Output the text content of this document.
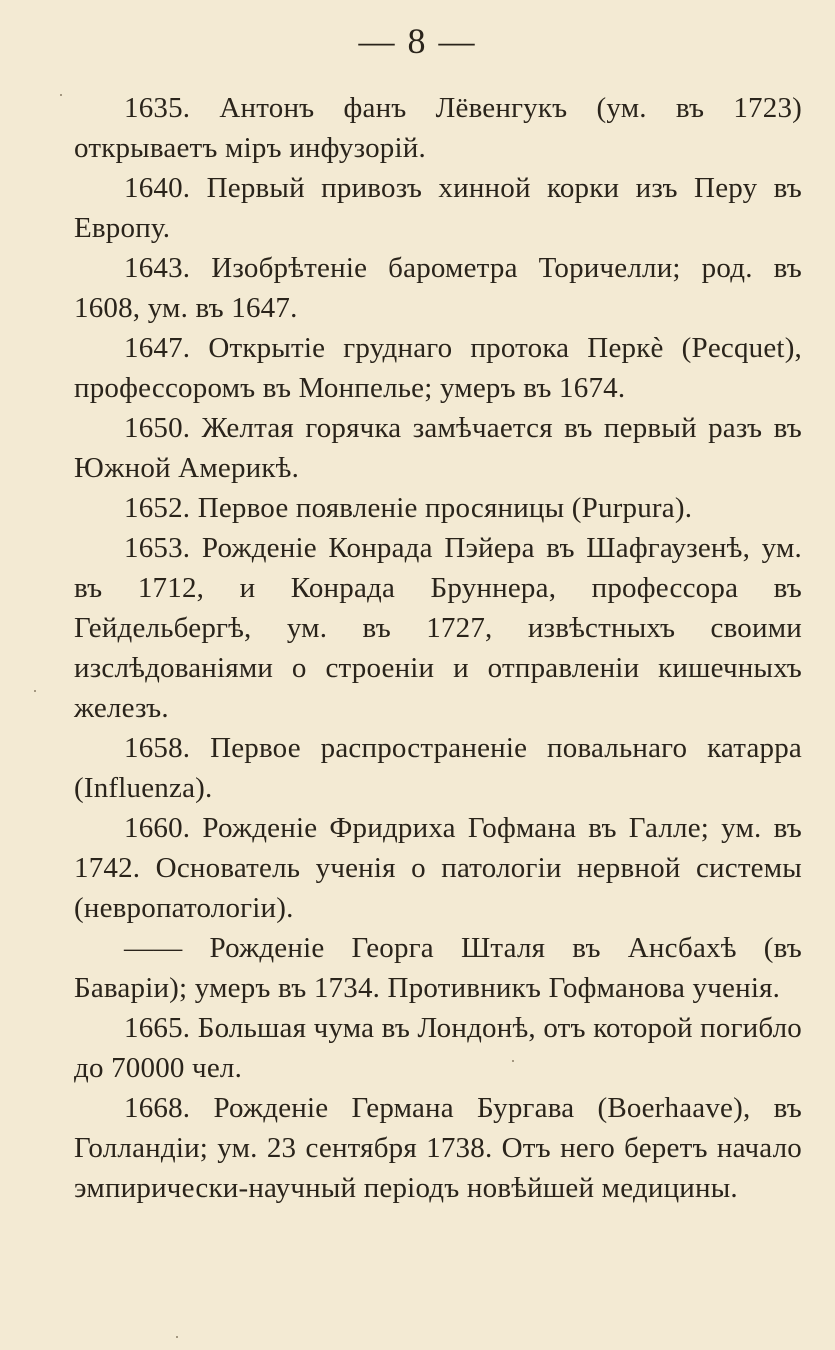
— 8 —

1635. Антонъ фанъ Лёвенгукъ (ум. въ 1723) открываетъ міръ инфузорій.

1640. Первый привозъ хинной корки изъ Перу въ Европу.

1643. Изобрѣтеніе барометра Торичелли; род. въ 1608, ум. въ 1647.

1647. Открытіе груднаго протока Перкè (Pecquet), профессоромъ въ Монпелье; умеръ въ 1674.

1650. Желтая горячка замѣчается въ первый разъ въ Южной Америкѣ.

1652. Первое появленіе просяницы (Purpura).

1653. Рожденіе Конрада Пэйера въ Шафгаузенѣ, ум. въ 1712, и Конрада Бруннера, профессора въ Гейдельбергѣ, ум. въ 1727, извѣстныхъ своими изслѣдованіями о строеніи и отправленіи кишечныхъ железъ.

1658. Первое распространеніе повальнаго катарра (Influenza).

1660. Рожденіе Фридриха Гофмана въ Галле; ум. въ 1742. Основатель ученія о патологіи нервной системы (невропатологіи).

—— Рожденіе Георга Шталя въ Ансбахѣ (въ Баваріи); умеръ въ 1734. Противникъ Гофманова ученія.

1665. Большая чума въ Лондонѣ, отъ которой погибло до 70000 чел.

1668. Рожденіе Германа Бургава (Boerhaave), въ Голландіи; ум. 23 сентября 1738. Отъ него беретъ начало эмпирически-научный періодъ новѣйшей медицины.
